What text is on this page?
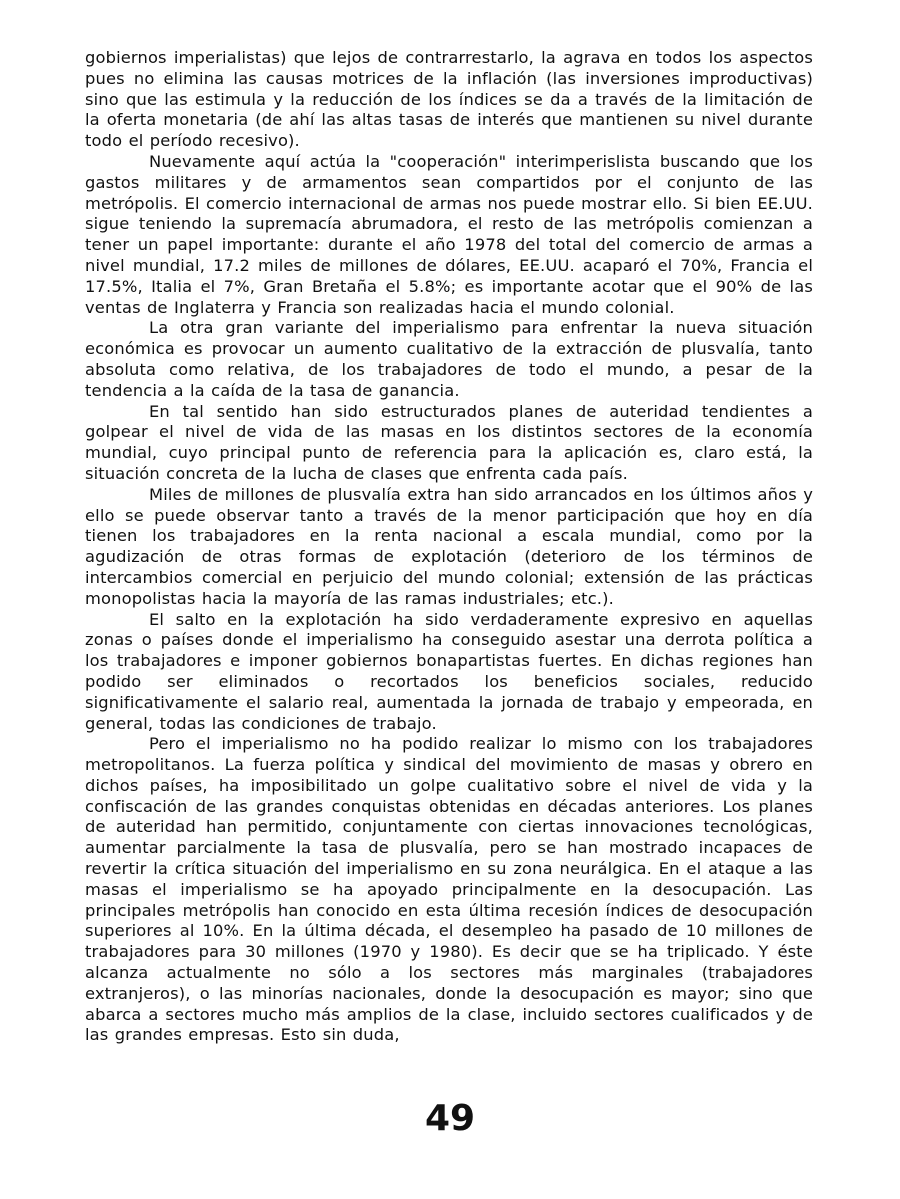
gobiernos imperialistas) que lejos de contrarrestarlo, la agrava en todos los aspectos pues no elimina las causas motrices de la inflación (las inversiones improductivas) sino que las estimula y la reducción de los índices se da a través de la limitación de la oferta monetaria (de ahí las altas tasas de interés que mantienen su nivel durante todo el período recesivo).

Nuevamente aquí actúa la "cooperación" interimperislista buscando que los gastos militares y de armamentos sean compartidos por el conjunto de las metrópolis. El comercio internacional de armas nos puede mostrar ello. Si bien EE.UU. sigue teniendo la supremacía abrumadora, el resto de las metrópolis comienzan a tener un papel importante: durante el año 1978 del total del comercio de armas a nivel mundial, 17.2 miles de millones de dólares, EE.UU. acaparó el 70%, Francia el 17.5%, Italia el 7%, Gran Bretaña el 5.8%; es importante acotar que el 90% de las ventas de Inglaterra y Francia son realizadas hacia el mundo colonial.

La otra gran variante del imperialismo para enfrentar la nueva situación económica es provocar un aumento cualitativo de la extracción de plusvalía, tanto absoluta como relativa, de los trabajadores de todo el mundo, a pesar de la tendencia a la caída de la tasa de ganancia.

En tal sentido han sido estructurados planes de auteridad tendientes a golpear el nivel de vida de las masas en los distintos sectores de la economía mundial, cuyo principal punto de referencia para la aplicación es, claro está, la situación concreta de la lucha de clases que enfrenta cada país.

Miles de millones de plusvalía extra han sido arrancados en los últimos años y ello se puede observar tanto a través de la menor participación que hoy en día tienen los trabajadores en la renta nacional a escala mundial, como por la agudización de otras formas de explotación (deterioro de los términos de intercambios comercial en perjuicio del mundo colonial; extensión de las prácticas monopolistas hacia la mayoría de las ramas industriales; etc.).

El salto en la explotación ha sido verdaderamente expresivo en aquellas zonas o países donde el imperialismo ha conseguido asestar una derrota política a los trabajadores e imponer gobiernos bonapartistas fuertes. En dichas regiones han podido ser eliminados o recortados los beneficios sociales, reducido significativamente el salario real, aumentada la jornada de trabajo y empeorada, en general, todas las condiciones de trabajo.

Pero el imperialismo no ha podido realizar lo mismo con los trabajadores metropolitanos. La fuerza política y sindical del movimiento de masas y obrero en dichos países, ha imposibilitado un golpe cualitativo sobre el nivel de vida y la confiscación de las grandes conquistas obtenidas en décadas anteriores. Los planes de auteridad han permitido, conjuntamente con ciertas innovaciones tecnológicas, aumentar parcialmente la tasa de plusvalía, pero se han mostrado incapaces de revertir la crítica situación del imperialismo en su zona neurálgica. En el ataque a las masas el imperialismo se ha apoyado principalmente en la desocupación. Las principales metrópolis han conocido en esta última recesión índices de desocupación superiores al 10%. En la última década, el desempleo ha pasado de 10 millones de trabajadores para 30 millones (1970 y 1980). Es decir que se ha triplicado. Y éste alcanza actualmente no sólo a los sectores más marginales (trabajadores extranjeros), o las minorías nacionales, donde la desocupación es mayor; sino que abarca a sectores mucho más amplios de la clase, incluido sectores cualificados y de las grandes empresas. Esto sin duda,

49
